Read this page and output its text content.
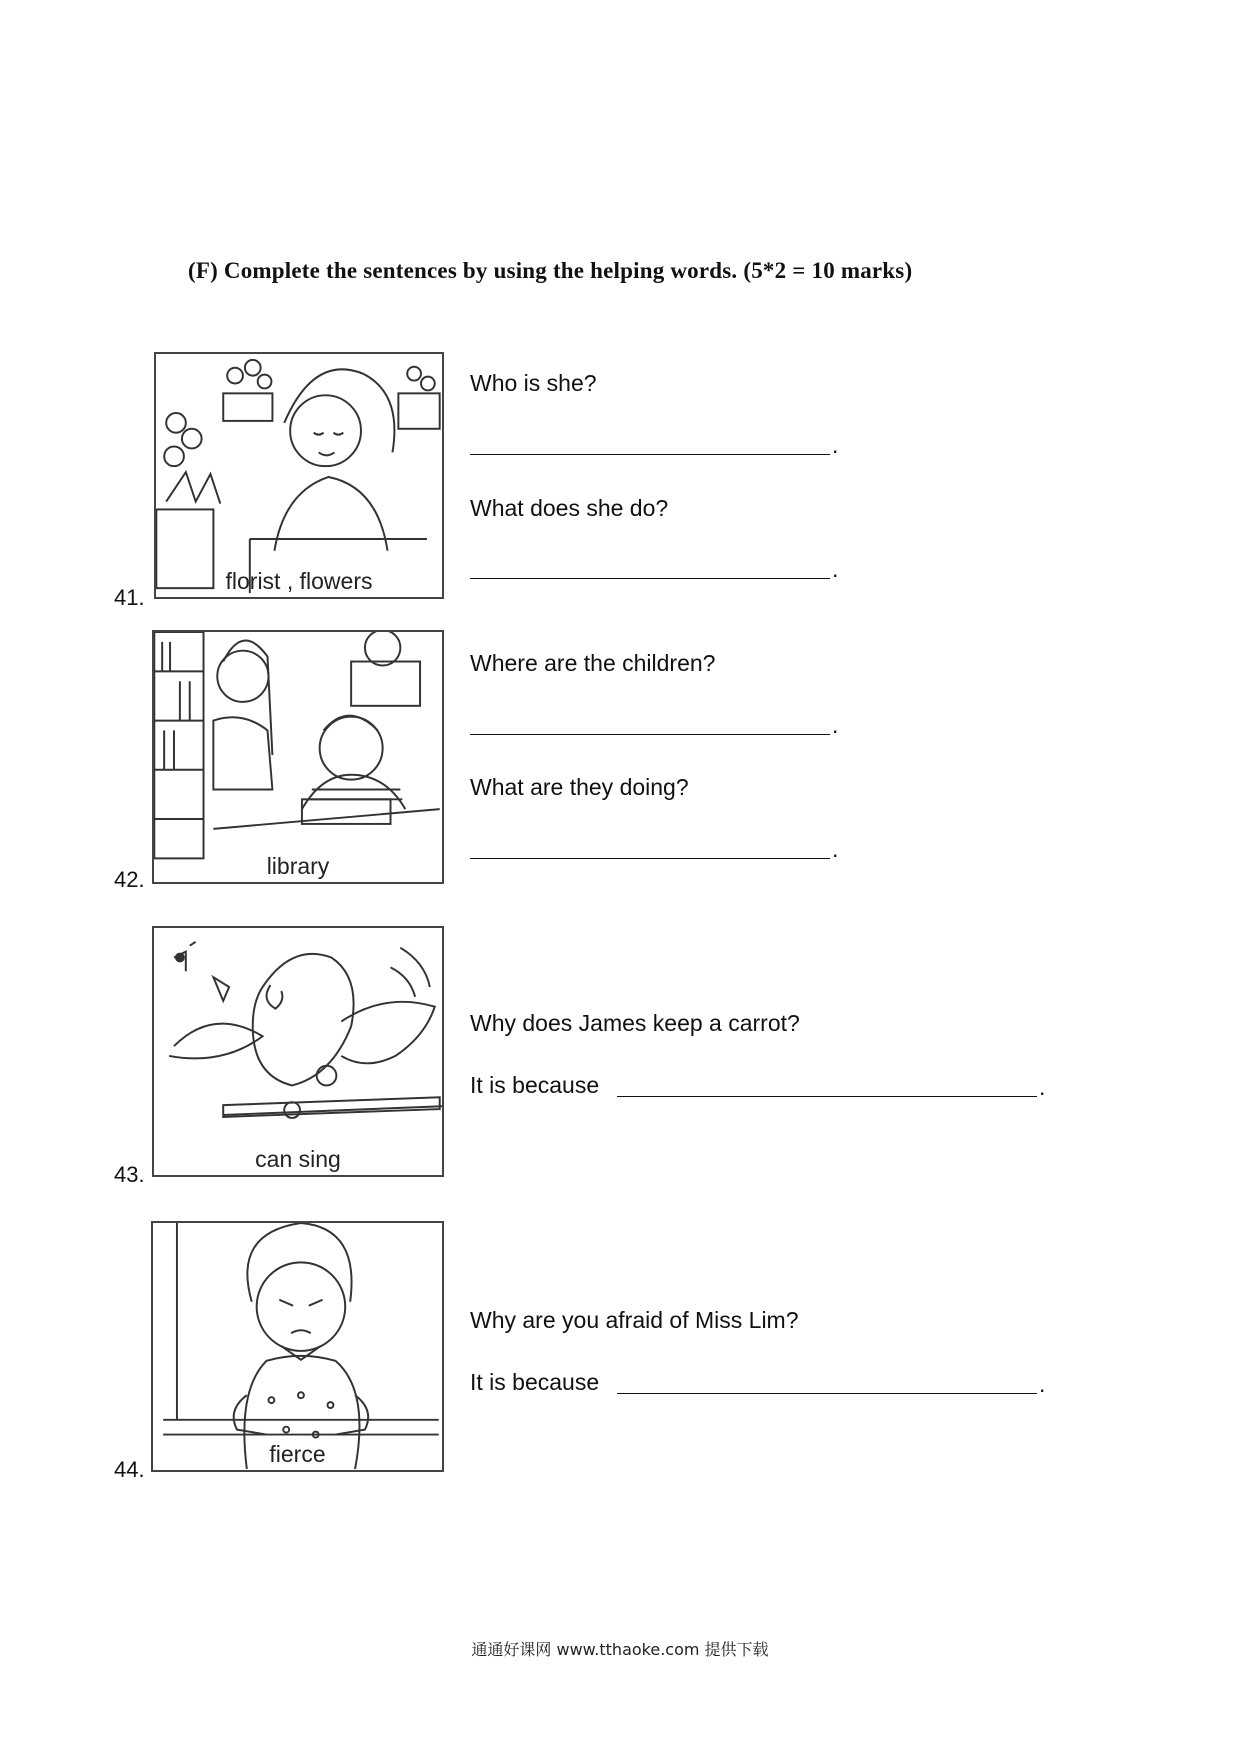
(F) Complete the sentences by using the helping words. (5*2 = 10 marks)
41.
florist , flowers
Who is she?
.
What does she do?
.
42.
library
Where are the children?
.
What are they doing?
.
43.
can sing
Why does James keep a carrot?
It is because	.
44.
fierce
Why are you afraid of Miss Lim?
It is because	.
通通好课网 www.tthaoke.com 提供下载
